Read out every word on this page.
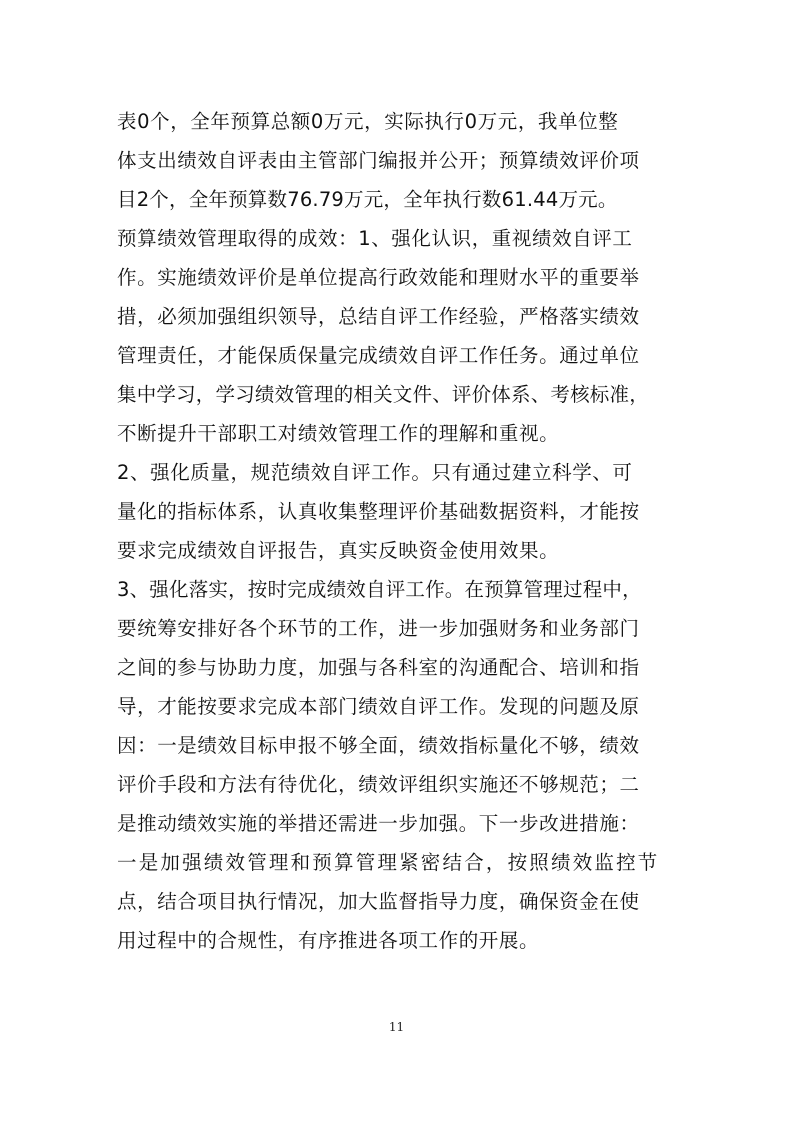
表0个，全年预算总额0万元，实际执行0万元，我单位整
体支出绩效自评表由主管部门编报并公开；预算绩效评价项
目2个，全年预算数76.79万元，全年执行数61.44万元。
预算绩效管理取得的成效：1、强化认识，重视绩效自评工
作。实施绩效评价是单位提高行政效能和理财水平的重要举
措，必须加强组织领导，总结自评工作经验，严格落实绩效
管理责任，才能保质保量完成绩效自评工作任务。通过单位
集中学习，学习绩效管理的相关文件、评价体系、考核标准，
不断提升干部职工对绩效管理工作的理解和重视。
2、强化质量，规范绩效自评工作。只有通过建立科学、可
量化的指标体系，认真收集整理评价基础数据资料，才能按
要求完成绩效自评报告，真实反映资金使用效果。
3、强化落实，按时完成绩效自评工作。在预算管理过程中，
要统筹安排好各个环节的工作，进一步加强财务和业务部门
之间的参与协助力度，加强与各科室的沟通配合、培训和指
导，才能按要求完成本部门绩效自评工作。发现的问题及原
因：一是绩效目标申报不够全面，绩效指标量化不够，绩效
评价手段和方法有待优化，绩效评组织实施还不够规范；二
是推动绩效实施的举措还需进一步加强。下一步改进措施：
一是加强绩效管理和预算管理紧密结合，按照绩效监控节
点，结合项目执行情况，加大监督指导力度，确保资金在使
用过程中的合规性，有序推进各项工作的开展。
11
